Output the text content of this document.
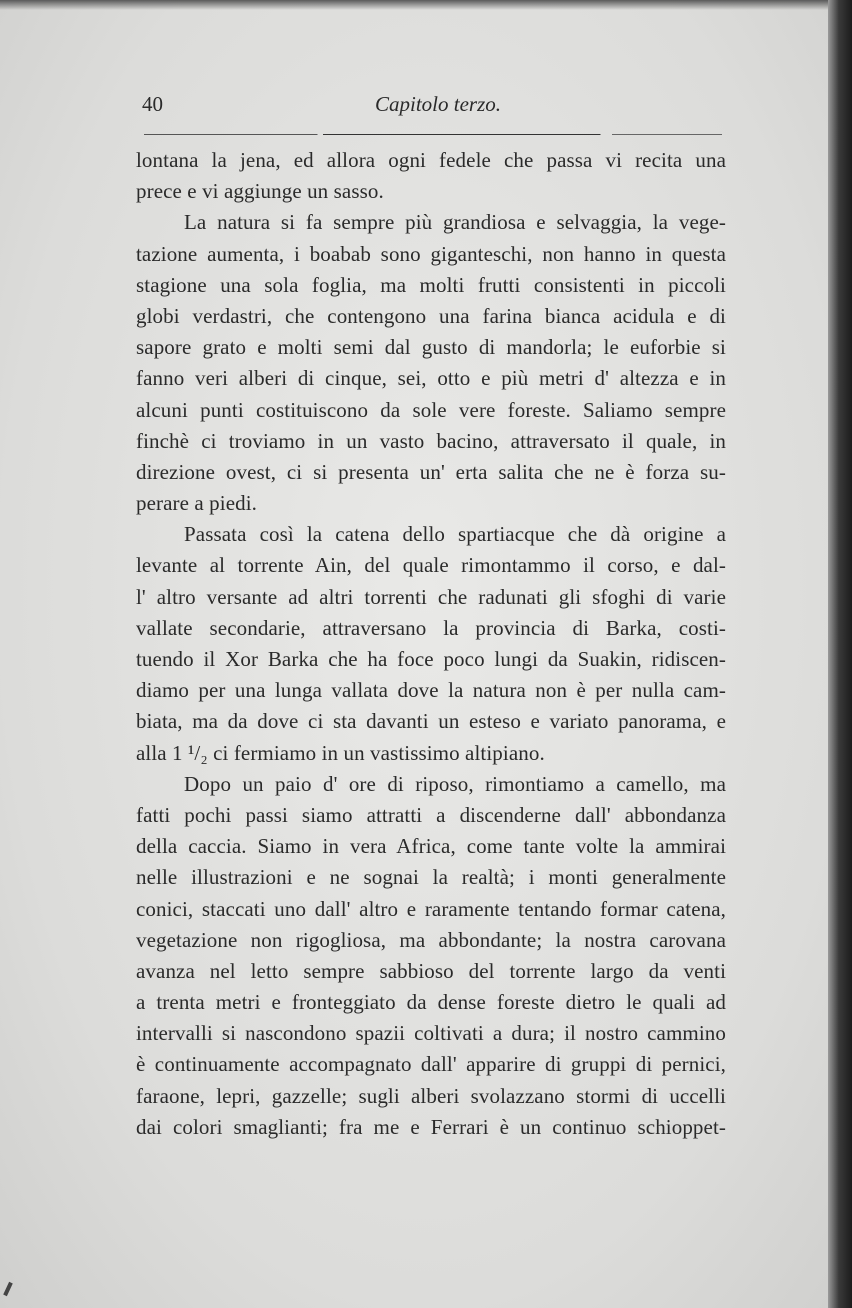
40	Capitolo terzo.
lontana la jena, ed allora ogni fedele che passa vi recita una
prece e vi aggiunge un sasso.
La natura si fa sempre più grandiosa e selvaggia, la vege-
tazione aumenta, i boabab sono giganteschi, non hanno in questa
stagione una sola foglia, ma molti frutti consistenti in piccoli
globi verdastri, che contengono una farina bianca acidula e di
sapore grato e molti semi dal gusto di mandorla; le euforbie si
fanno veri alberi di cinque, sei, otto e più metri d' altezza e in
alcuni punti costituiscono da sole vere foreste. Saliamo sempre
finchè ci troviamo in un vasto bacino, attraversato il quale, in
direzione ovest, ci si presenta un' erta salita che ne è forza su-
perare a piedi.
Passata così la catena dello spartiacque che dà origine a
levante al torrente Ain, del quale rimontammo il corso, e dal-
l' altro versante ad altri torrenti che radunati gli sfoghi di varie
vallate secondarie, attraversano la provincia di Barka, costi-
tuendo il Xor Barka che ha foce poco lungi da Suakin, ridiscen-
diamo per una lunga vallata dove la natura non è per nulla cam-
biata, ma da dove ci sta davanti un esteso e variato panorama, e
alla 1 ¹/₂ ci fermiamo in un vastissimo altipiano.
Dopo un paio d' ore di riposo, rimontiamo a camello, ma
fatti pochi passi siamo attratti a discenderne dall' abbondanza
della caccia. Siamo in vera Africa, come tante volte la ammirai
nelle illustrazioni e ne sognai la realtà; i monti generalmente
conici, staccati uno dall' altro e raramente tentando formar catena,
vegetazione non rigogliosa, ma abbondante; la nostra carovana
avanza nel letto sempre sabbioso del torrente largo da venti
a trenta metri e fronteggiato da dense foreste dietro le quali ad
intervalli si nascondono spazii coltivati a dura; il nostro cammino
è continuamente accompagnato dall' apparire di gruppi di pernici,
faraone, lepri, gazzelle; sugli alberi svolazzano stormi di uccelli
dai colori smaglianti; fra me e Ferrari è un continuo schioppet-
